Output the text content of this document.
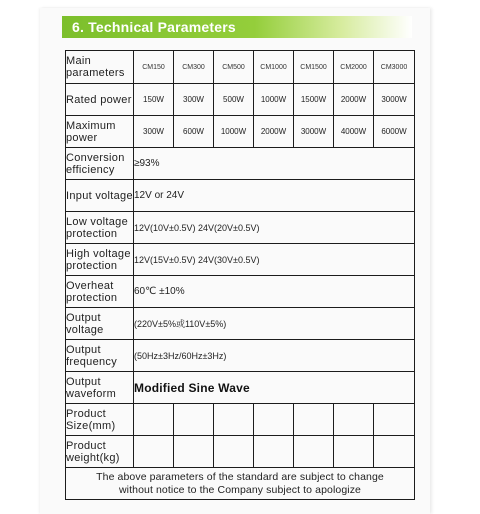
6. Technical Parameters
Main parameters	CM150	CM300	CM500	CM1000	CM1500	CM2000	CM3000
Rated power	150W	300W	500W	1000W	1500W	2000W	3000W
Maximum power	300W	600W	1000W	2000W	3000W	4000W	6000W
Conversion efficiency	≥93%						
Input voltage	12V or 24V						
Low voltage protection	12V(10V±0.5V) 24V(20V±0.5V)						
High voltage protection	12V(15V±0.5V) 24V(30V±0.5V)						
Overheat protection	60℃ ±10%						
Output voltage	(220V±5%或110V±5%)						
Output frequency	(50Hz±3Hz/60Hz±3Hz)						
Output waveform	Modified Sine Wave						
Product Size(mm)							
Product weight(kg)							

The above parameters of the standard are subject to change
without notice to the Company subject to apologize							
